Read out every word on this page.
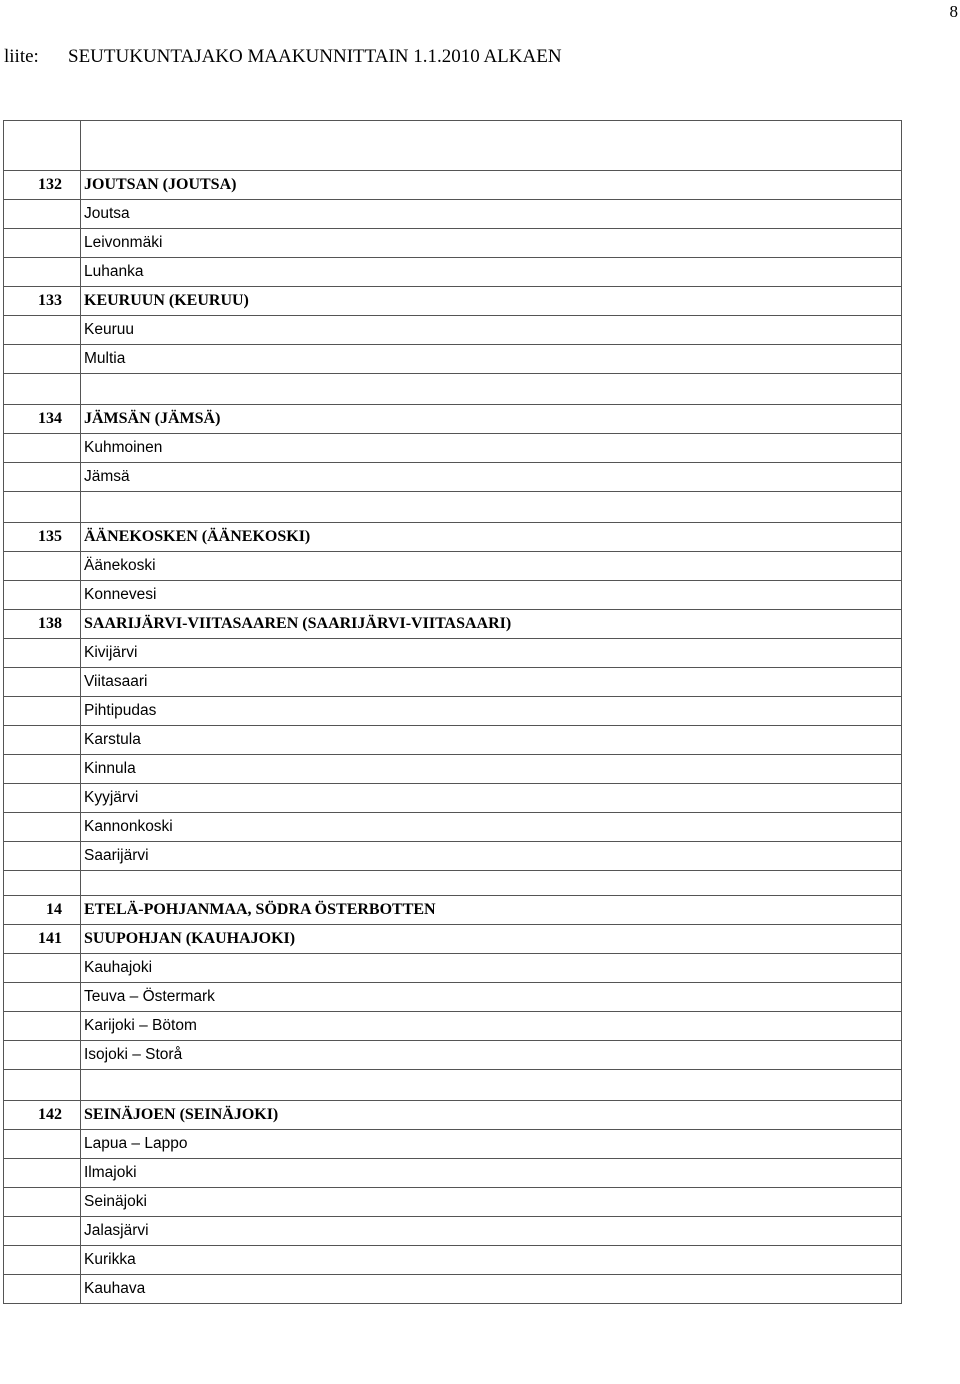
8
liite: SEUTUKUNTAJAKO MAAKUNNITTAIN 1.1.2010 ALKAEN

132	JOUTSAN (JOUTSA)
	Joutsa
	Leivonmäki
	Luhanka
133	KEURUUN (KEURUU)
	Keuruu
	Multia

134	JÄMSÄN (JÄMSÄ)
	Kuhmoinen
	Jämsä

135	ÄÄNEKOSKEN (ÄÄNEKOSKI)
	Äänekoski
	Konnevesi
138	SAARIJÄRVI-VIITASAAREN (SAARIJÄRVI-VIITASAARI)
	Kivijärvi
	Viitasaari
	Pihtipudas
	Karstula
	Kinnula
	Kyyjärvi
	Kannonkoski
	Saarijärvi

14	ETELÄ-POHJANMAA, SÖDRA ÖSTERBOTTEN
141	SUUPOHJAN (KAUHAJOKI)
	Kauhajoki
	Teuva – Östermark
	Karijoki – Bötom
	Isojoki – Storå

142	SEINÄJOEN (SEINÄJOKI)
	Lapua – Lappo
	Ilmajoki
	Seinäjoki
	Jalasjärvi
	Kurikka
	Kauhava
